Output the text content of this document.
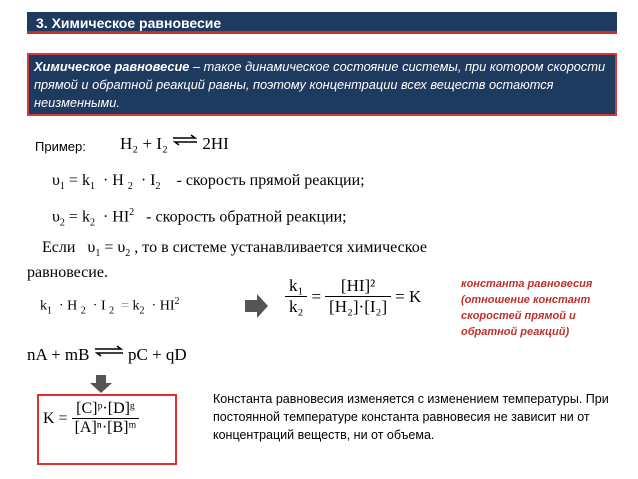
3. Химическое равновесие
Химическое равновесие – такое динамическое состояние системы, при котором скорости прямой и обратной реакций равны, поэтому концентрации всех веществ остаются неизменными.
Пример: H₂ + I₂ ⇌ 2HI
$\upsilon_1 = k_1 \cdot H$ $_2 \cdot I_2$ - скорость прямой реакции;
$\upsilon_2 = k_2 \cdot HI^2$ - скорость обратной реакции;
Если   $\upsilon_1 = \upsilon_2$ , то в системе устанавливается химическое
равновесие.
$k_1 \cdot H$ $_2$  · I $_2 = k_2 \cdot HI^2$
k₁	=	[HI]²	= K
k₂		[H₂]·[I₂]	
константа равновесия (отношение констант скоростей прямой и обратной реакций)
nA + mB ⇌ pC + qD
K =	[C]ᵖ·[D]ᵍ
[A]ⁿ·[B]ᵐ
Константа равновесия изменяется с изменением температуры. При постоянной температуре константа равновесия не зависит ни от концентраций веществ, ни от объема.
